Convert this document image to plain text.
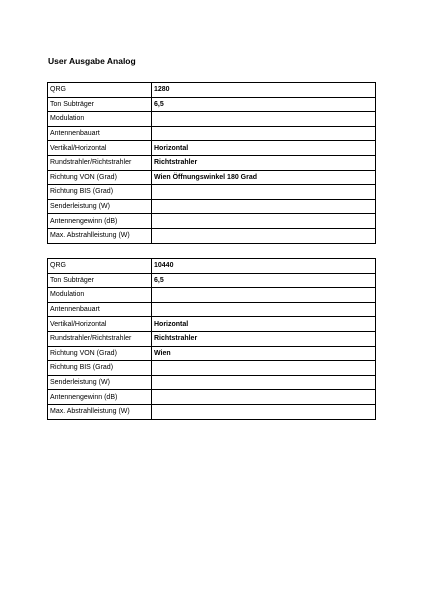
User Ausgabe Analog
QRG	1280
Ton Subträger	6,5
Modulation	
Antennenbauart	
Vertikal/Horizontal	Horizontal
Rundstrahler/Richtstrahler	Richtstrahler
Richtung VON (Grad)	Wien Öffnungswinkel 180 Grad
Richtung BIS (Grad)	
Senderleistung (W)	
Antennengewinn (dB)	
Max. Abstrahlleistung (W)	
QRG	10440
Ton Subträger	6,5
Modulation	
Antennenbauart	
Vertikal/Horizontal	Horizontal
Rundstrahler/Richtstrahler	Richtstrahler
Richtung VON (Grad)	Wien
Richtung BIS (Grad)	
Senderleistung (W)	
Antennengewinn (dB)	
Max. Abstrahlleistung (W)	
